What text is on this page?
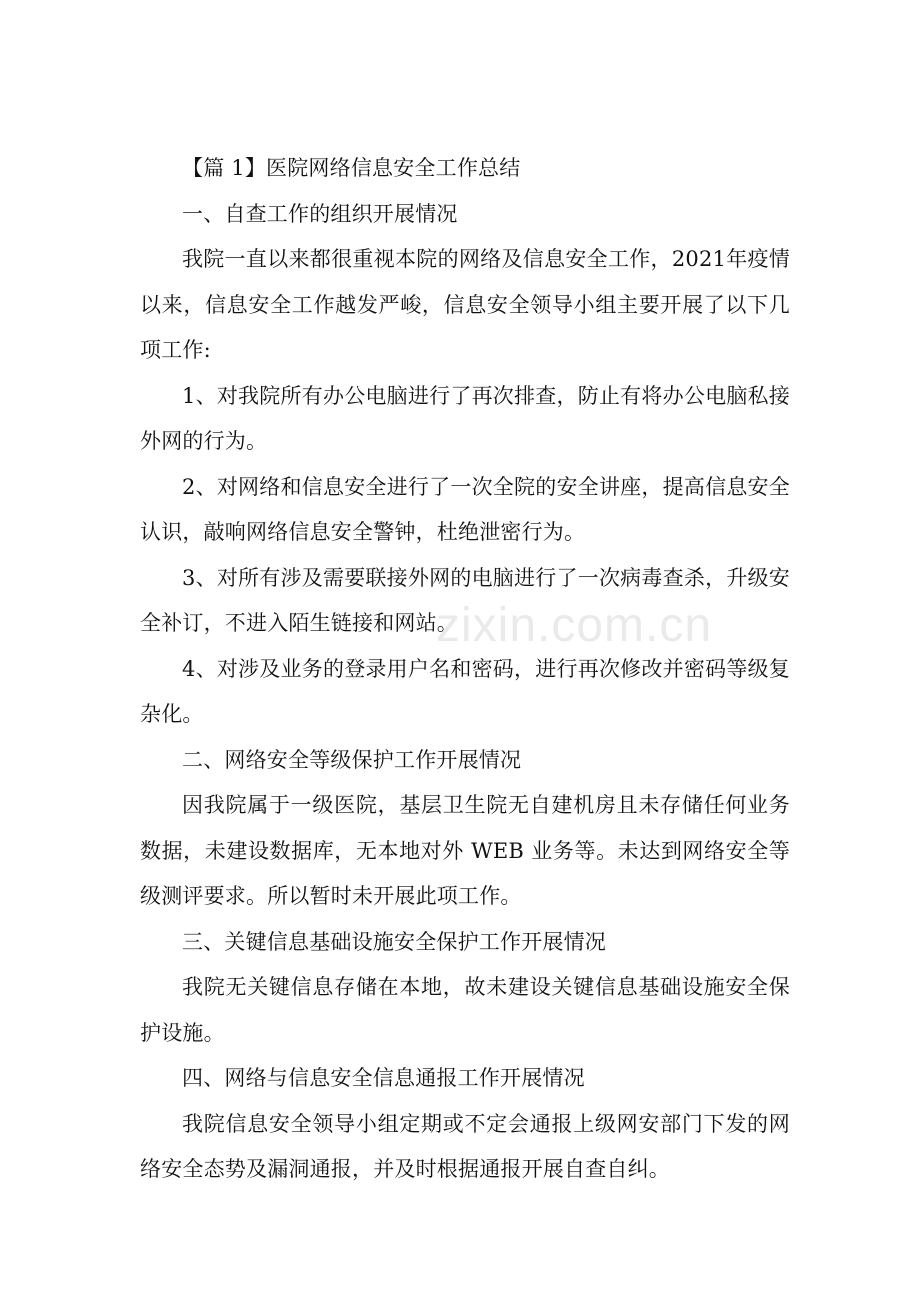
【篇 1】医院网络信息安全工作总结

一、自查工作的组织开展情况

我院一直以来都很重视本院的网络及信息安全工作，2021年疫情以来，信息安全工作越发严峻，信息安全领导小组主要开展了以下几项工作:

1、对我院所有办公电脑进行了再次排查，防止有将办公电脑私接外网的行为。

2、对网络和信息安全进行了一次全院的安全讲座，提高信息安全认识，敲响网络信息安全警钟，杜绝泄密行为。

3、对所有涉及需要联接外网的电脑进行了一次病毒查杀，升级安全补订，不进入陌生链接和网站。

4、对涉及业务的登录用户名和密码，进行再次修改并密码等级复杂化。

二、网络安全等级保护工作开展情况

因我院属于一级医院，基层卫生院无自建机房且未存储任何业务数据，未建设数据库，无本地对外 WEB 业务等。未达到网络安全等级测评要求。所以暂时未开展此项工作。

三、关键信息基础设施安全保护工作开展情况

我院无关键信息存储在本地，故未建设关键信息基础设施安全保护设施。

四、网络与信息安全信息通报工作开展情况

我院信息安全领导小组定期或不定会通报上级网安部门下发的网络安全态势及漏洞通报，并及时根据通报开展自查自纠。

zixin.com.cn
